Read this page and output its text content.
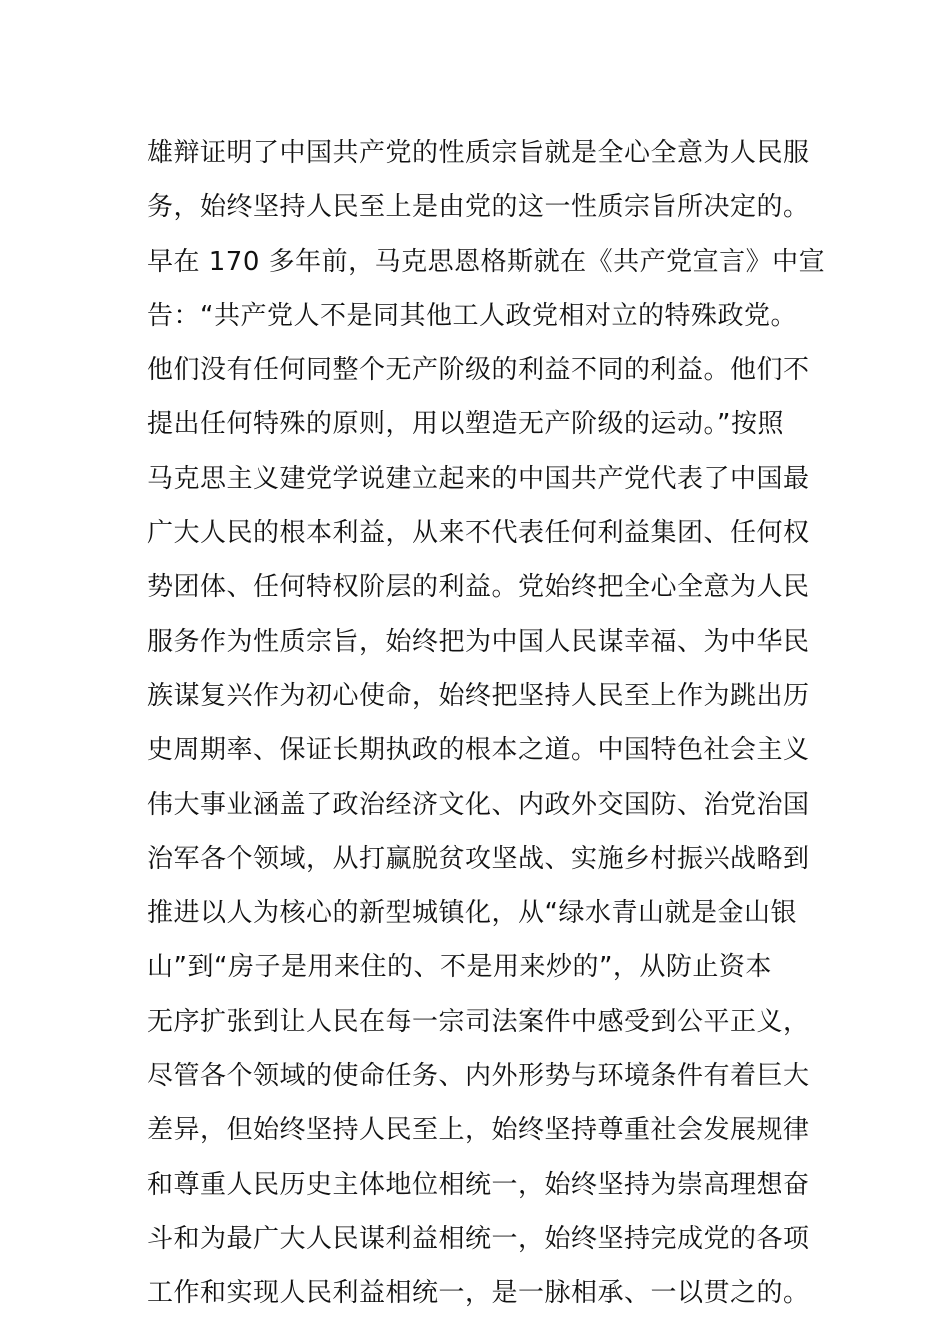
雄辩证明了中国共产党的性质宗旨就是全心全意为人民服
务，始终坚持人民至上是由党的这一性质宗旨所决定的。
早在 170 多年前，马克思恩格斯就在《共产党宣言》中宣
告：“共产党人不是同其他工人政党相对立的特殊政党。
他们没有任何同整个无产阶级的利益不同的利益。他们不
提出任何特殊的原则，用以塑造无产阶级的运动。”按照
马克思主义建党学说建立起来的中国共产党代表了中国最
广大人民的根本利益，从来不代表任何利益集团、任何权
势团体、任何特权阶层的利益。党始终把全心全意为人民
服务作为性质宗旨，始终把为中国人民谋幸福、为中华民
族谋复兴作为初心使命，始终把坚持人民至上作为跳出历
史周期率、保证长期执政的根本之道。中国特色社会主义
伟大事业涵盖了政治经济文化、内政外交国防、治党治国
治军各个领域，从打赢脱贫攻坚战、实施乡村振兴战略到
推进以人为核心的新型城镇化，从“绿水青山就是金山银
山”到“房子是用来住的、不是用来炒的”，从防止资本
无序扩张到让人民在每一宗司法案件中感受到公平正义，
尽管各个领域的使命任务、内外形势与环境条件有着巨大
差异，但始终坚持人民至上，始终坚持尊重社会发展规律
和尊重人民历史主体地位相统一，始终坚持为崇高理想奋
斗和为最广大人民谋利益相统一，始终坚持完成党的各项
工作和实现人民利益相统一，是一脉相承、一以贯之的。
